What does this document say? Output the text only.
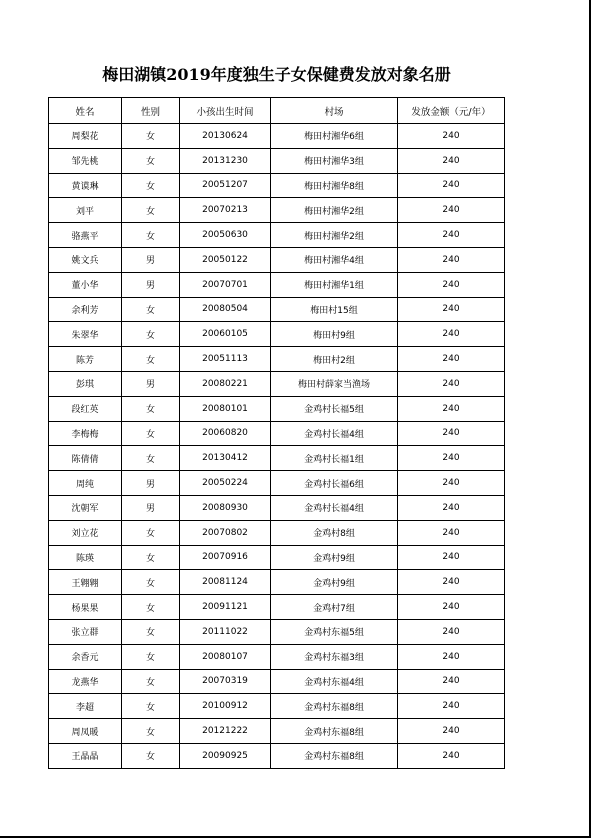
梅田湖镇2019年度独生子女保健费发放对象名册
姓名	性别	小孩出生时间	村场	发放金额（元/年）
周梨花	女	20130624	梅田村湘华6组	240
邹先桃	女	20131230	梅田村湘华3组	240
黄谟琳	女	20051207	梅田村湘华8组	240
刘平	女	20070213	梅田村湘华2组	240
骆燕平	女	20050630	梅田村湘华2组	240
姚文兵	男	20050122	梅田村湘华4组	240
董小华	男	20070701	梅田村湘华1组	240
余利芳	女	20080504	梅田村15组	240
朱翠华	女	20060105	梅田村9组	240
陈芳	女	20051113	梅田村2组	240
彭琪	男	20080221	梅田村薛家当渔场	240
段红英	女	20080101	金鸡村长福5组	240
李梅梅	女	20060820	金鸡村长福4组	240
陈倩倩	女	20130412	金鸡村长福1组	240
周纯	男	20050224	金鸡村长福6组	240
沈朝军	男	20080930	金鸡村长福4组	240
刘立花	女	20070802	金鸡村8组	240
陈瑛	女	20070916	金鸡村9组	240
王翱翱	女	20081124	金鸡村9组	240
杨果果	女	20091121	金鸡村7组	240
张立群	女	20111022	金鸡村东福5组	240
余香元	女	20080107	金鸡村东福3组	240
龙燕华	女	20070319	金鸡村东福4组	240
李超	女	20100912	金鸡村东福8组	240
周凤暖	女	20121222	金鸡村东福8组	240
王晶晶	女	20090925	金鸡村东福8组	240
